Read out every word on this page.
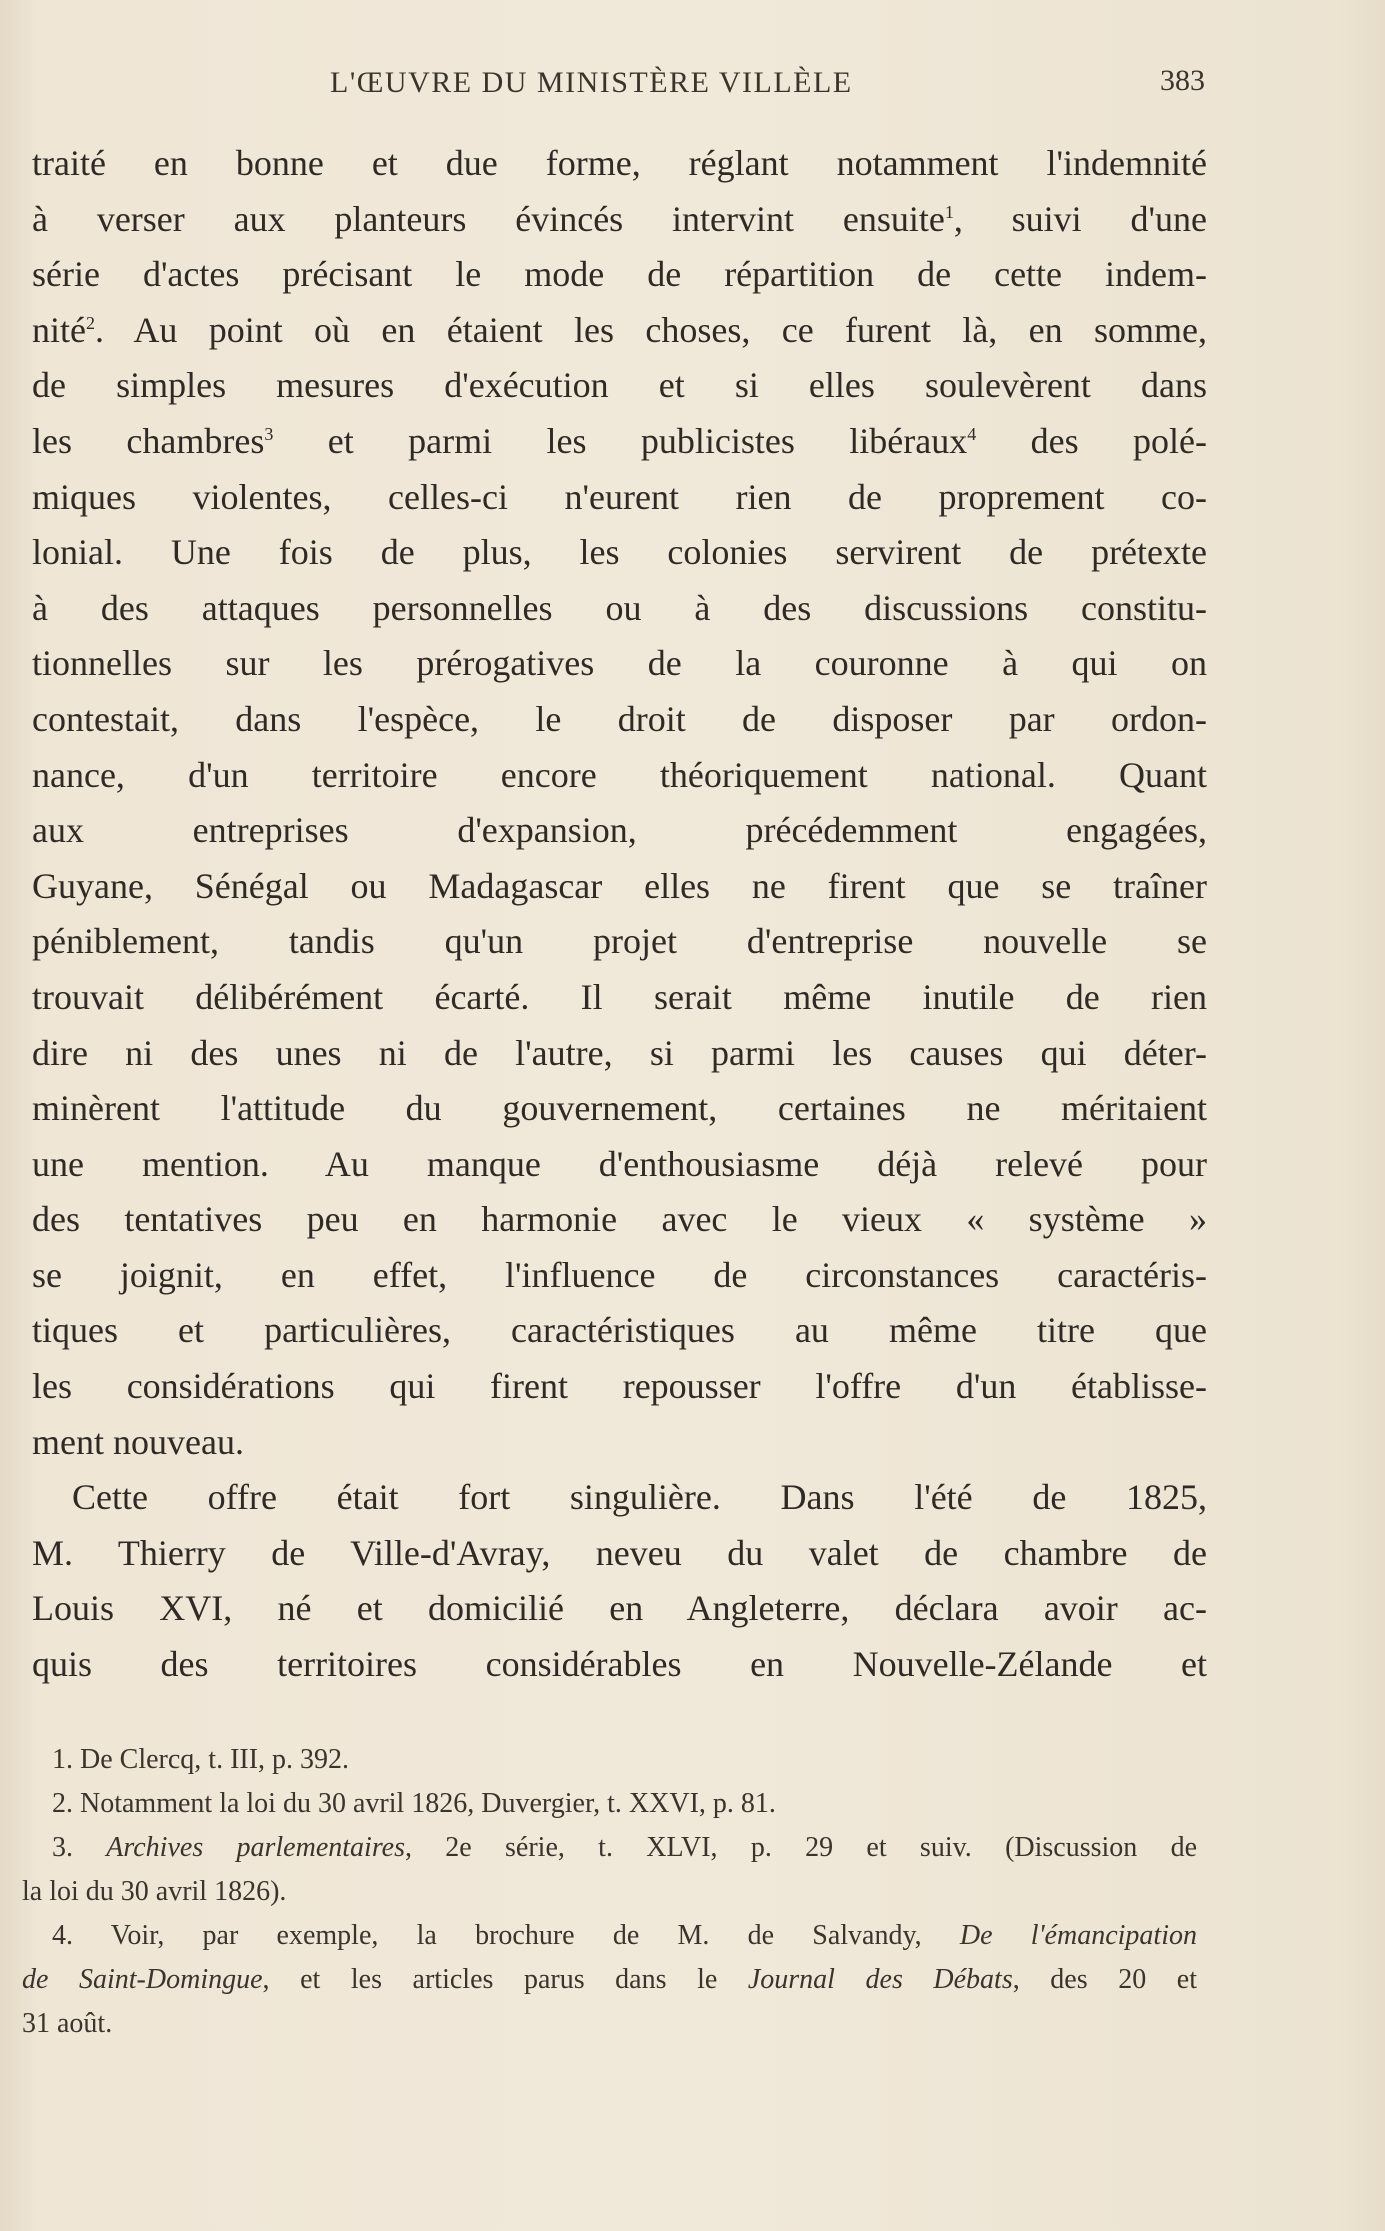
L'ŒUVRE DU MINISTÈRE VILLÈLE	383
traité en bonne et due forme, réglant notamment l'indemnité
à verser aux planteurs évincés intervint ensuite$^1$, suivi d'une
série d'actes précisant le mode de répartition de cette indem-
nité$^2$. Au point où en étaient les choses, ce furent là, en somme,
de simples mesures d'exécution et si elles soulevèrent dans
les chambres$^3$ et parmi les publicistes libéraux$^4$ des polé-
miques violentes, celles-ci n'eurent rien de proprement co-
lonial. Une fois de plus, les colonies servirent de prétexte
à des attaques personnelles ou à des discussions constitu-
tionnelles sur les prérogatives de la couronne à qui on
contestait, dans l'espèce, le droit de disposer par ordon-
nance, d'un territoire encore théoriquement national. Quant
aux entreprises d'expansion, précédemment engagées,
Guyane, Sénégal ou Madagascar elles ne firent que se traîner
péniblement, tandis qu'un projet d'entreprise nouvelle se
trouvait délibérément écarté. Il serait même inutile de rien
dire ni des unes ni de l'autre, si parmi les causes qui déter-
minèrent l'attitude du gouvernement, certaines ne méritaient
une mention. Au manque d'enthousiasme déjà relevé pour
des tentatives peu en harmonie avec le vieux « système »
se joignit, en effet, l'influence de circonstances caractéris-
tiques et particulières, caractéristiques au même titre que
les considérations qui firent repousser l'offre d'un établisse-
ment nouveau.
Cette offre était fort singulière. Dans l'été de 1825,
M. Thierry de Ville-d'Avray, neveu du valet de chambre de
Louis XVI, né et domicilié en Angleterre, déclara avoir ac-
quis des territoires considérables en Nouvelle-Zélande et
1. De Clercq, t. III, p. 392.
2. Notamment la loi du 30 avril 1826, Duvergier, t. XXVI, p. 81.
3. Archives parlementaires, 2e série, t. XLVI, p. 29 et suiv. (Discussion de
la loi du 30 avril 1826).
4. Voir, par exemple, la brochure de M. de Salvandy, De l'émancipation
de Saint-Domingue, et les articles parus dans le Journal des Débats, des 20 et
31 août.
